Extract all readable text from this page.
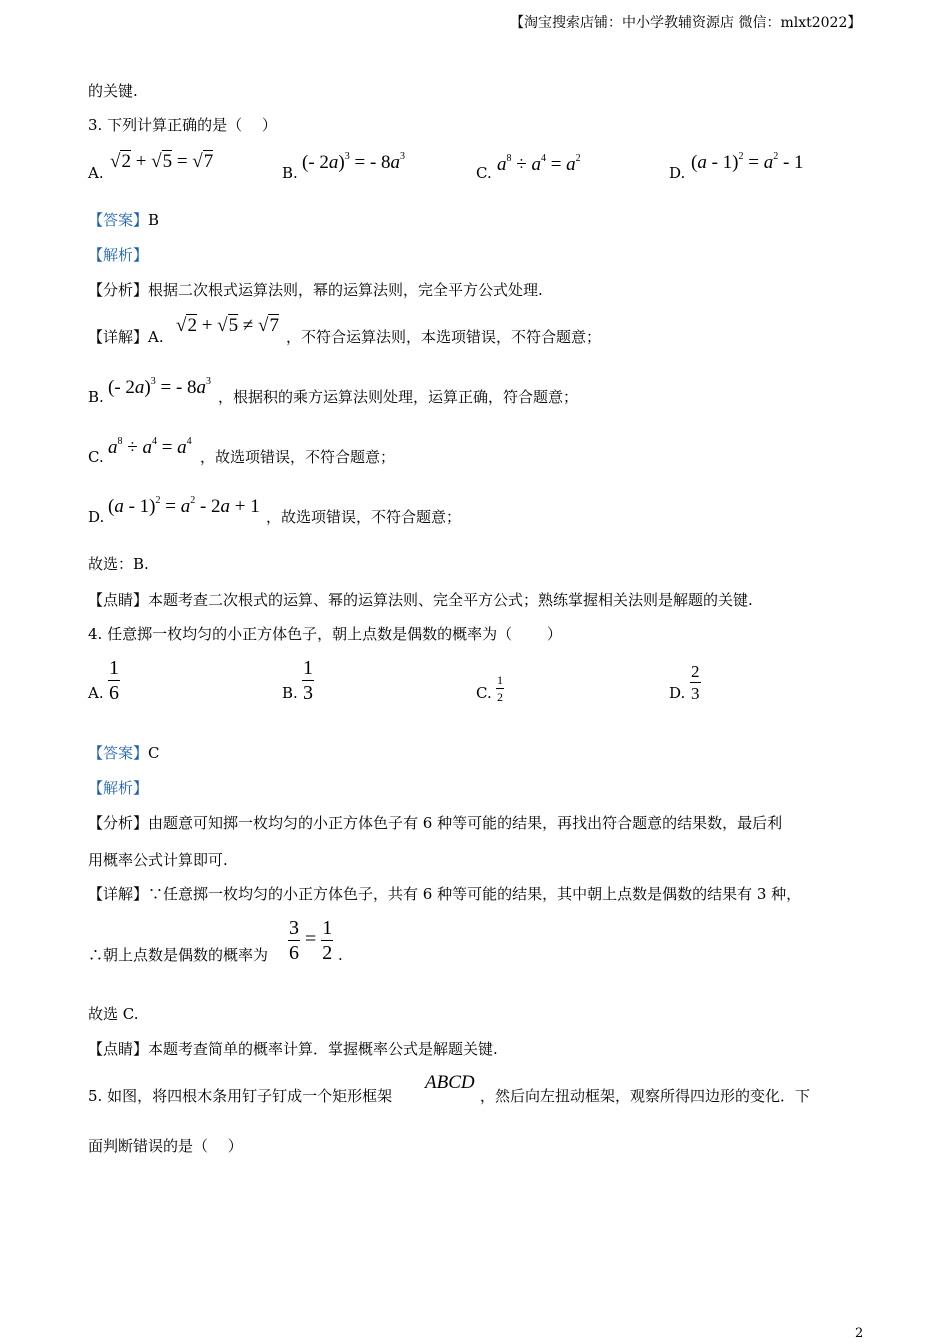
【淘宝搜索店铺：中小学教辅资源店 微信：mlxt2022】
的关键.
3. 下列计算正确的是（　 ）
A.
√2 + √5 = √7
B. (- 2a)$^3$ = - $8a^3$
C. $a^8 \div a^4 = a^2$
D. $(a - 1)^2 = a^2 - 1$
【答案】B
【解析】
【分析】根据二次根式运算法则，幂的运算法则，完全平方公式处理.
【详解】A.
√2 + √5 ≠ √7
，不符合运算法则，本选项错误，不符合题意；
B. (- 2a)$^3$ = - $8a^3$
，根据积的乘方运算法则处理，运算正确，符合题意；
C. $a^8 \div a^4 = a^4$
，故选项错误，不符合题意；
D. $(a - 1)^2 = a^2 - 2a + 1$ ，故选项错误，不符合题意；
故选：B.
【点睛】本题考查二次根式的运算、幂的运算法则、完全平方公式；熟练掌握相关法则是解题的关键.
4. 任意掷一枚均匀的小正方体色子，朝上点数是偶数的概率为（　　 ）
A. $\frac{1}{6}$	B. $\frac{1}{3}$	C. $\frac{1}{2}$	D. $\frac{2}{3}$
【答案】C
【解析】
【分析】由题意可知掷一枚均匀的小正方体色子有 6 种等可能的结果，再找出符合题意的结果数，最后利
用概率公式计算即可.
【详解】∵任意掷一枚均匀的小正方体色子，共有 6 种等可能的结果，其中朝上点数是偶数的结果有 3 种，
∴朝上点数是偶数的概率为 $\frac{3}{6} = \frac{1}{2}$ .
故选 C.
【点睛】本题考查简单的概率计算．掌握概率公式是解题关键.
5. 如图，将四根木条用钉子钉成一个矩形框架
ABCD
，然后向左扭动框架，观察所得四边形的变化．下
面判断错误的是（　 ）
2
